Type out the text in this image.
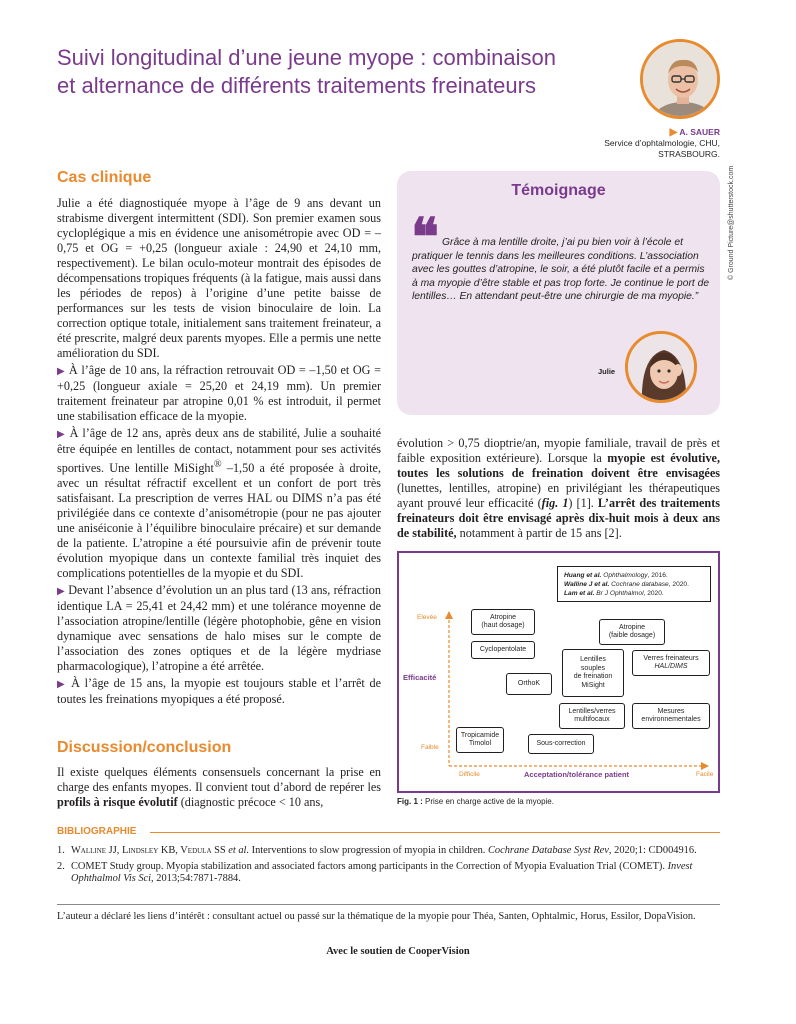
Suivi longitudinal d’une jeune myope : combinaison
et alternance de différents traitements freinateurs
▶ A. SAUER
Service d’ophtalmologie, CHU,
STRASBOURG.
Cas clinique

Julie a été diagnostiquée myope à l’âge de 9 ans devant un strabisme divergent intermittent (SDI). Son premier examen sous cycloplégique a mis en évidence une anisométropie avec OD = –0,75 et OG = +0,25 (longueur axiale : 24,90 et 24,10 mm, respectivement). Le bilan oculo-moteur montrait des épisodes de décompensations tropiques fréquents (à la fatigue, mais aussi dans les périodes de repos) à l’origine d’une petite baisse de performances sur les tests de vision binoculaire de loin. La correction optique totale, initialement sans traitement freinateur, a été prescrite, malgré deux parents myopes. Elle a permis une nette amélioration du SDI.

▶ À l’âge de 10 ans, la réfraction retrouvait OD = –1,50 et OG = +0,25 (longueur axiale = 25,20 et 24,19 mm). Un premier traitement freinateur par atropine 0,01 % est introduit, il permet une stabilisation efficace de la myopie.

▶ À l’âge de 12 ans, après deux ans de stabilité, Julie a souhaité être équipée en lentilles de contact, notamment pour ses activités sportives. Une lentille MiSight® –1,50 a été proposée à droite, avec un résultat réfractif excellent et un confort de port très satisfaisant. La prescription de verres HAL ou DIMS n’a pas été privilégiée dans ce contexte d’anisométropie (pour ne pas ajouter une aniséiconie à l’équilibre binoculaire précaire) et sur demande de la patiente. L’atropine a été poursuivie afin de prévenir toute évolution myopique dans un contexte familial très inquiet des complications potentielles de la myopie et du SDI.

▶ Devant l’absence d’évolution un an plus tard (13 ans, réfraction identique LA = 25,41 et 24,42 mm) et une tolérance moyenne de l’association atropine/lentille (légère photophobie, gêne en vision dynamique avec sensations de halo mises sur le compte de l’association des zones optiques et de la légère mydriase pharmacologique), l’atropine a été arrêtée.

▶ À l’âge de 15 ans, la myopie est toujours stable et l’arrêt de toutes les freinations myopiques a été proposé.

Discussion/conclusion
Il existe quelques éléments consensuels concernant la prise en charge des enfants myopes. Il convient tout d’abord de repérer les profils à risque évolutif (diagnostic précoce < 10 ans,
Témoignage
❝ Grâce à ma lentille droite, j’ai pu bien voir à l’école et pratiquer le tennis dans les meilleures conditions. L’association avec les gouttes d’atropine, le soir, a été plutôt facile et a permis à ma myopie d’être stable et pas trop forte. Je continue le port de lentilles… En attendant peut-être une chirurgie de ma myopie.”
Julie
© Ground Picture@shutterstock.com
évolution > 0,75 dioptrie/an, myopie familiale, travail de près et faible exposition extérieure). Lorsque la myopie est évolutive, toutes les solutions de freination doivent être envisagées (lunettes, lentilles, atropine) en privilégiant les thérapeutiques ayant prouvé leur efficacité (fig. 1) [1]. L’arrêt des traitements freinateurs doit être envisagé après dix-huit mois à deux ans de stabilité, notamment à partir de 15 ans [2].
Huang et al. Ophthalmology, 2016.
Walline J et al. Cochrane database, 2020.
Lam et al. Br J Ophthalmol, 2020.
Elevée
Efficacité
Faible
Difficile	Acceptation/tolérance patient	Facile
Atropine
(haut dosage)
Cyclopentolate
Atropine
(faible dosage)
OrthoK
Lentilles
souples
de freination
MiSight
Verres freinateurs
HAL/DIMS
Lentilles/verres
multifocaux
Mesures
environnementales
Tropicamide
Timolol	Sous-correction
Fig. 1 : Prise en charge active de la myopie.
BIBLIOGRAPHIE
1. Walline JJ, Lindsley KB, Vedula SS et al. Interventions to slow progression of myopia in children. Cochrane Database Syst Rev, 2020;1: CD004916.
2. COMET Study group. Myopia stabilization and associated factors among participants in the Correction of Myopia Evaluation Trial (COMET). Invest Ophthalmol Vis Sci, 2013;54:7871-7884.
L’auteur a déclaré les liens d’intérêt : consultant actuel ou passé sur la thématique de la myopie pour Théa, Santen, Ophtalmic, Horus, Essilor, DopaVision.
Avec le soutien de CooperVision
